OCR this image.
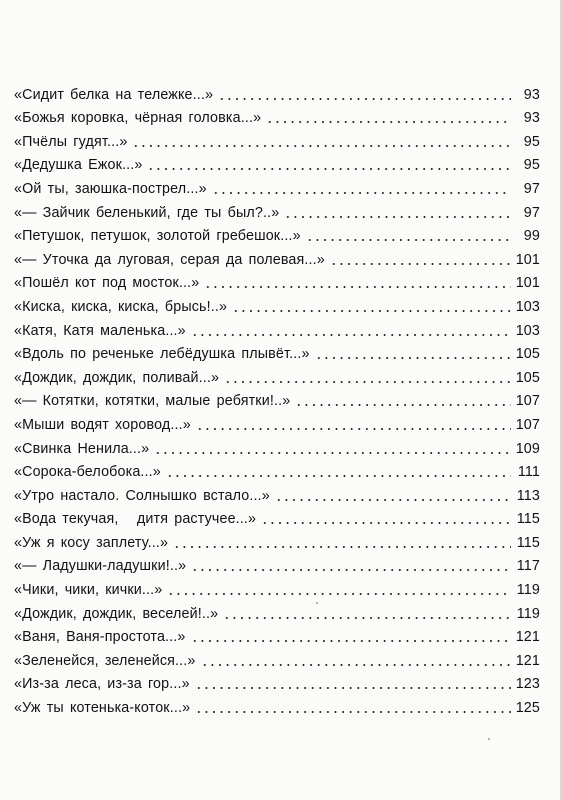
«Сидит белка на тележке...»	93
«Божья коровка, чёрная головка...»	93
«Пчёлы гудят...»	95
«Дедушка Ежок...»	95
«Ой ты, заюшка-пострел...»	97
«— Зайчик беленький, где ты был?..»	97
«Петушок, петушок, золотой гребешок...»	99
«— Уточка да луговая, серая да полевая...»	101
«Пошёл кот под мосток...»	101
«Киска, киска, киска, брысь!..»	103
«Катя, Катя маленька...»	103
«Вдоль по реченьке лебёдушка плывёт...»	105
«Дождик, дождик, поливай...»	105
«— Котятки, котятки, малые ребятки!..»	107
«Мыши водят хоровод...»	107
«Свинка Ненила...»	109
«Сорока-белобока...»	111
«Утро настало. Солнышко встало...»	113
«Вода текучая,   дитя растучее...»	115
«Уж я косу заплету...»	115
«— Ладушки-ладушки!..»	117
«Чики, чики, кички...»	119
«Дождик, дождик, веселей!..»	119
«Ваня, Ваня-простота...»	121
«Зеленейся, зеленейся...»	121
«Из-за леса, из-за гор...»	123
«Уж ты котенька-коток...»	125
